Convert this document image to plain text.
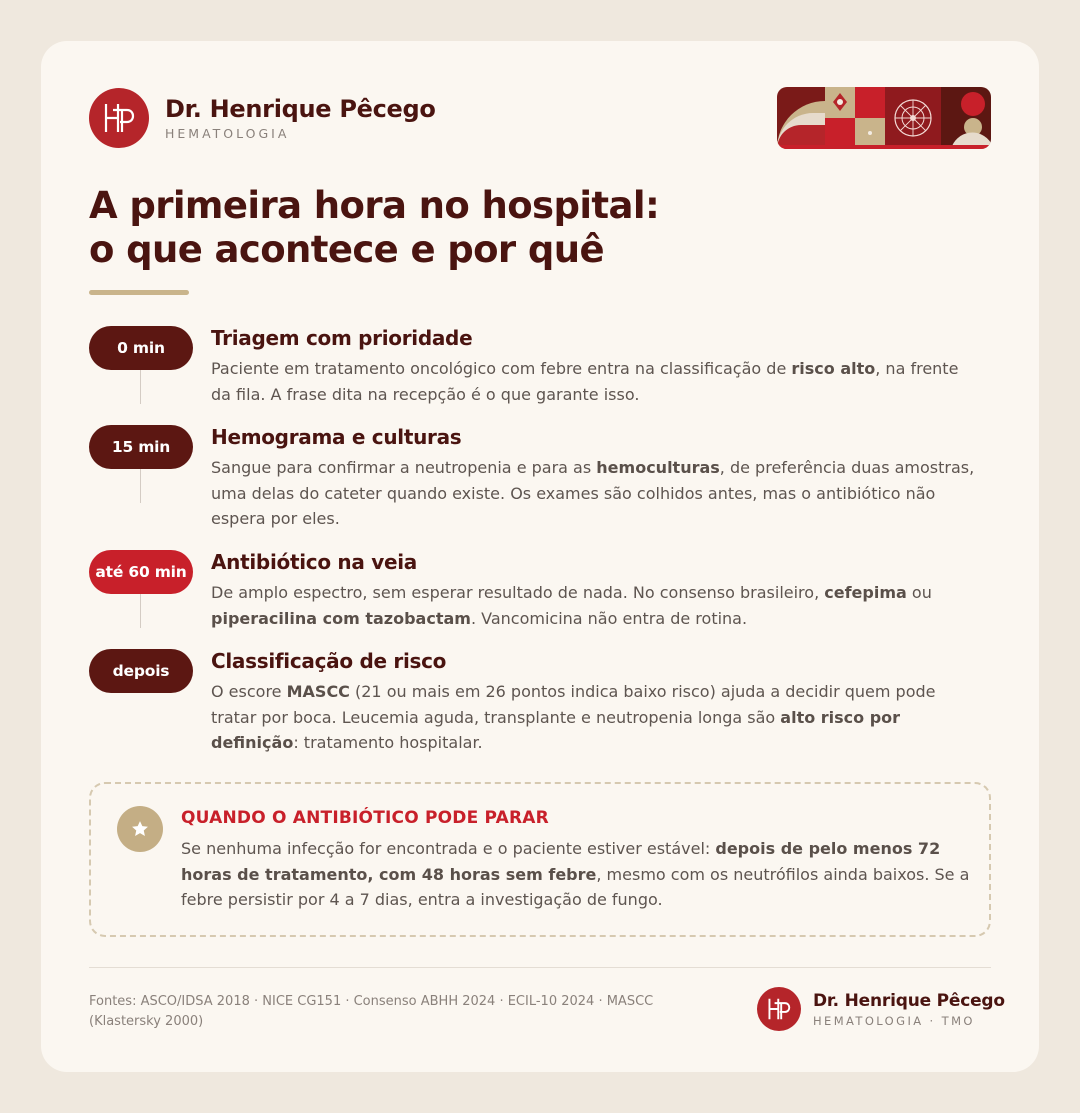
Dr. Henrique Pêcego
HEMATOLOGIA
A primeira hora no hospital:
o que acontece e por quê
0 min	Triagem com prioridade
Paciente em tratamento oncológico com febre entra na classificação de risco alto, na frente da fila. A frase dita na recepção é o que garante isso.
15 min	Hemograma e culturas
Sangue para confirmar a neutropenia e para as hemoculturas, de preferência duas amostras, uma delas do cateter quando existe. Os exames são colhidos antes, mas o antibiótico não espera por eles.
até 60 min	Antibiótico na veia
De amplo espectro, sem esperar resultado de nada. No consenso brasileiro, cefepima ou piperacilina com tazobactam. Vancomicina não entra de rotina.
depois	Classificação de risco
O escore MASCC (21 ou mais em 26 pontos indica baixo risco) ajuda a decidir quem pode tratar por boca. Leucemia aguda, transplante e neutropenia longa são alto risco por definição: tratamento hospitalar.
QUANDO O ANTIBIÓTICO PODE PARAR
Se nenhuma infecção for encontrada e o paciente estiver estável: depois de pelo menos 72 horas de tratamento, com 48 horas sem febre, mesmo com os neutrófilos ainda baixos. Se a febre persistir por 4 a 7 dias, entra a investigação de fungo.
Fontes: ASCO/IDSA 2018 · NICE CG151 · Consenso ABHH 2024 · ECIL-10 2024 · MASCC (Klastersky 2000)
Dr. Henrique Pêcego
HEMATOLOGIA · TMO
